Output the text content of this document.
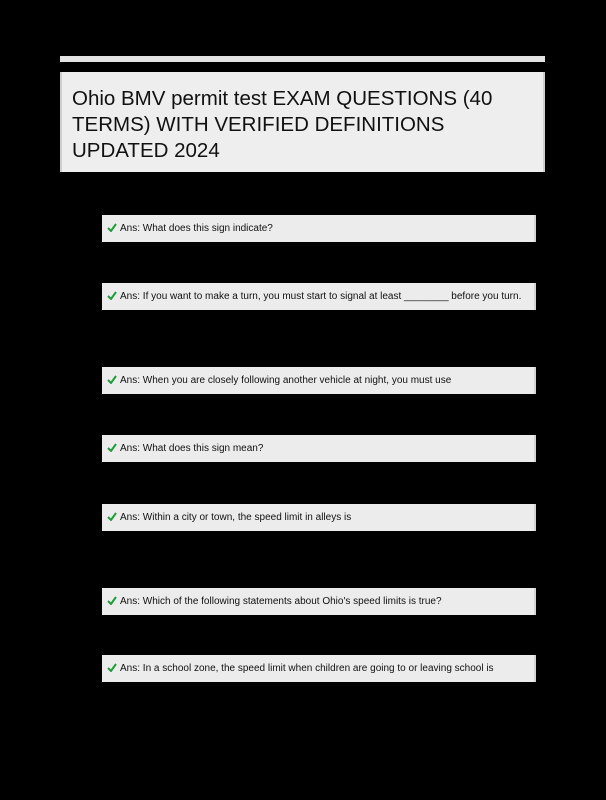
Ohio BMV permit test EXAM QUESTIONS (40 TERMS) WITH VERIFIED DEFINITIONS UPDATED 2024
Ans: What does this sign indicate?
Ans: If you want to make a turn, you must start to signal at least ________ before you turn.
Ans: When you are closely following another vehicle at night, you must use
Ans: What does this sign mean?
Ans: Within a city or town, the speed limit in alleys is
Ans: Which of the following statements about Ohio's speed limits is true?
Ans: In a school zone, the speed limit when children are going to or leaving school is
